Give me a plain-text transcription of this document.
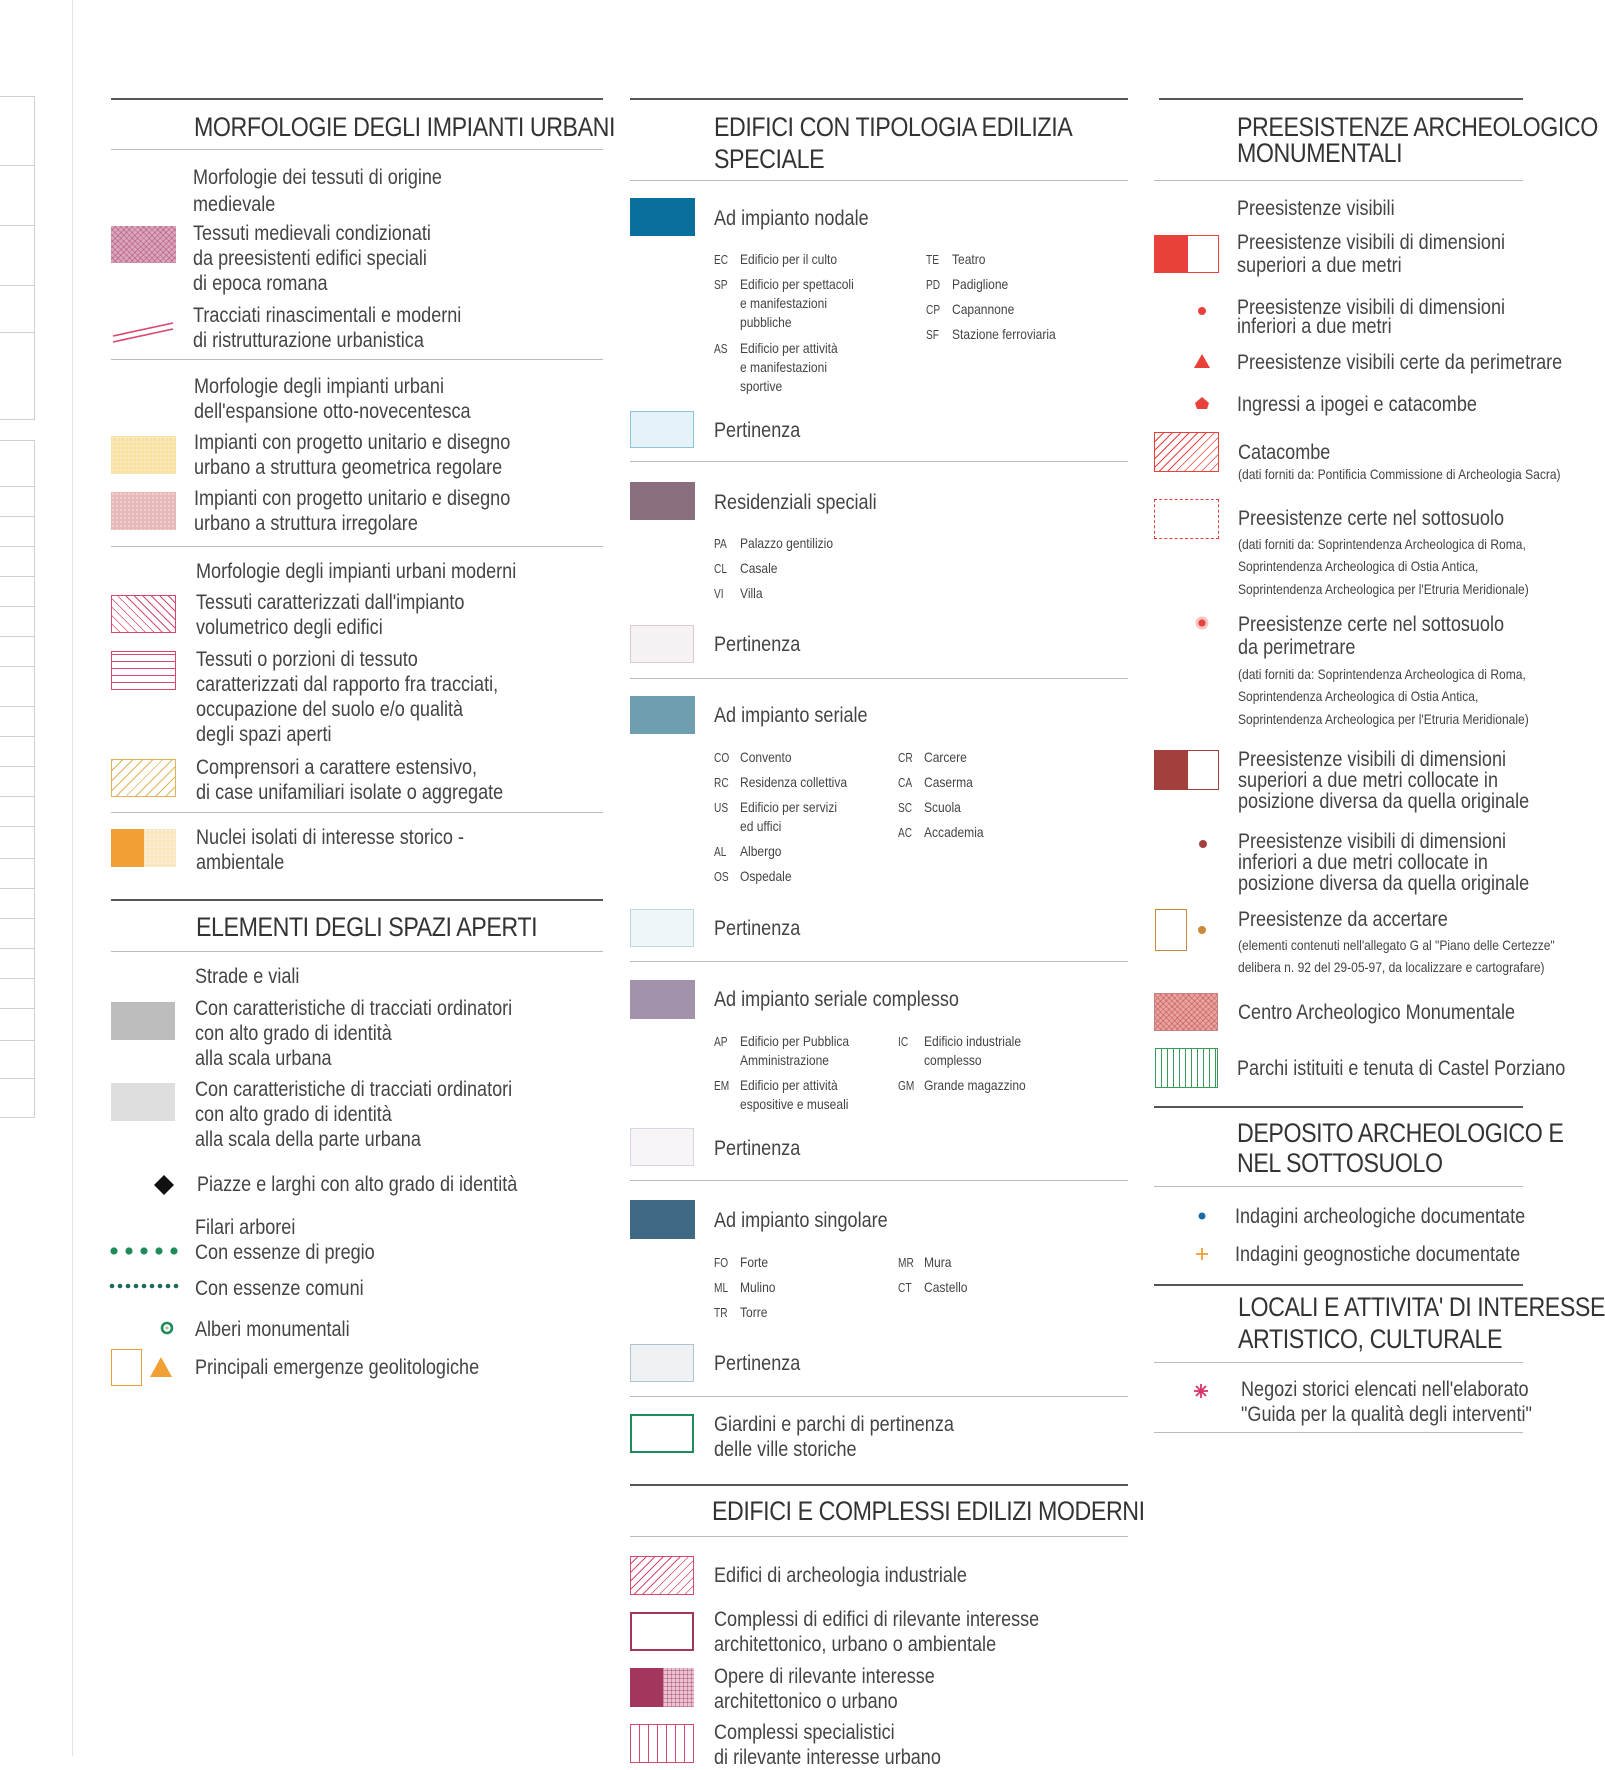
MORFOLOGIE DEGLI IMPIANTI URBANI
Morfologie dei tessuti di origine
medievale
Tessuti medievali condizionati
da preesistenti edifici speciali
di epoca romana
Tracciati rinascimentali e moderni
di ristrutturazione urbanistica
Morfologie degli impianti urbani
dell'espansione otto-novecentesca
Impianti con progetto unitario e disegno
urbano a struttura geometrica regolare
Impianti con progetto unitario e disegno
urbano a struttura irregolare
Morfologie degli impianti urbani moderni
Tessuti caratterizzati dall'impianto
volumetrico degli edifici
Tessuti o porzioni di tessuto
caratterizzati dal rapporto fra tracciati,
occupazione del suolo e/o qualità
degli spazi aperti
Comprensori a carattere estensivo,
di case unifamiliari isolate o aggregate
Nuclei isolati di interesse storico -
ambientale
ELEMENTI DEGLI SPAZI APERTI
Strade e viali
Con caratteristiche di tracciati ordinatori
con alto grado di identità
alla scala urbana
Con caratteristiche di tracciati ordinatori
con alto grado di identità
alla scala della parte urbana
Piazze e larghi con alto grado di identità
Filari arborei
Con essenze di pregio
Con essenze comuni
Alberi monumentali
Principali emergenze geolitologiche
EDIFICI CON TIPOLOGIA EDILIZIA
SPECIALE
Ad impianto nodale
EC Edificio per il culto
SP Edificio per spettacoli
e manifestazioni
pubbliche
AS Edificio per attività
e manifestazioni
sportive
TE Teatro
PD Padiglione
CP Capannone
SF Stazione ferroviaria
Pertinenza
Residenziali speciali
PA Palazzo gentilizio
CL Casale
VI Villa
Pertinenza
Ad impianto seriale
CO Convento
RC Residenza collettiva
US Edificio per servizi
ed uffici
AL Albergo
OS Ospedale
CR Carcere
CA Caserma
SC Scuola
AC Accademia
Pertinenza
Ad impianto seriale complesso
AP Edificio per Pubblica
Amministrazione
EM Edificio per attività
espositive e museali
IC Edificio industriale
complesso
GM Grande magazzino
Pertinenza
Ad impianto singolare
FO Forte
ML Mulino
TR Torre
MR Mura
CT Castello
Pertinenza
Giardini e parchi di pertinenza
delle ville storiche
EDIFICI E COMPLESSI EDILIZI MODERNI
Edifici di archeologia industriale
Complessi di edifici di rilevante interesse
architettonico, urbano o ambientale
Opere di rilevante interesse
architettonico o urbano
Complessi specialistici
di rilevante interesse urbano
PREESISTENZE ARCHEOLOGICO
MONUMENTALI
Preesistenze visibili
Preesistenze visibili di dimensioni
superiori a due metri
Preesistenze visibili di dimensioni
inferiori a due metri
Preesistenze visibili certe da perimetrare
Ingressi a ipogei e catacombe
Catacombe
(dati forniti da: Pontificia Commissione di Archeologia Sacra)
Preesistenze certe nel sottosuolo
(dati forniti da: Soprintendenza Archeologica di Roma,
Soprintendenza Archeologica di Ostia Antica,
Soprintendenza Archeologica per l'Etruria Meridionale)
Preesistenze certe nel sottosuolo
da perimetrare
(dati forniti da: Soprintendenza Archeologica di Roma,
Soprintendenza Archeologica di Ostia Antica,
Soprintendenza Archeologica per l'Etruria Meridionale)
Preesistenze visibili di dimensioni
superiori a due metri collocate in
posizione diversa da quella originale
Preesistenze visibili di dimensioni
inferiori a due metri collocate in
posizione diversa da quella originale
Preesistenze da accertare
(elementi contenuti nell'allegato G al "Piano delle Certezze"
delibera n. 92 del 29-05-97, da localizzare e cartografare)
Centro Archeologico Monumentale
Parchi istituiti e tenuta di Castel Porziano
DEPOSITO ARCHEOLOGICO E
NEL SOTTOSUOLO
Indagini archeologiche documentate
Indagini geognostiche documentate
LOCALI E ATTIVITA' DI INTERESSE
ARTISTICO, CULTURALE
Negozi storici elencati nell'elaborato
"Guida per la qualità degli interventi"
